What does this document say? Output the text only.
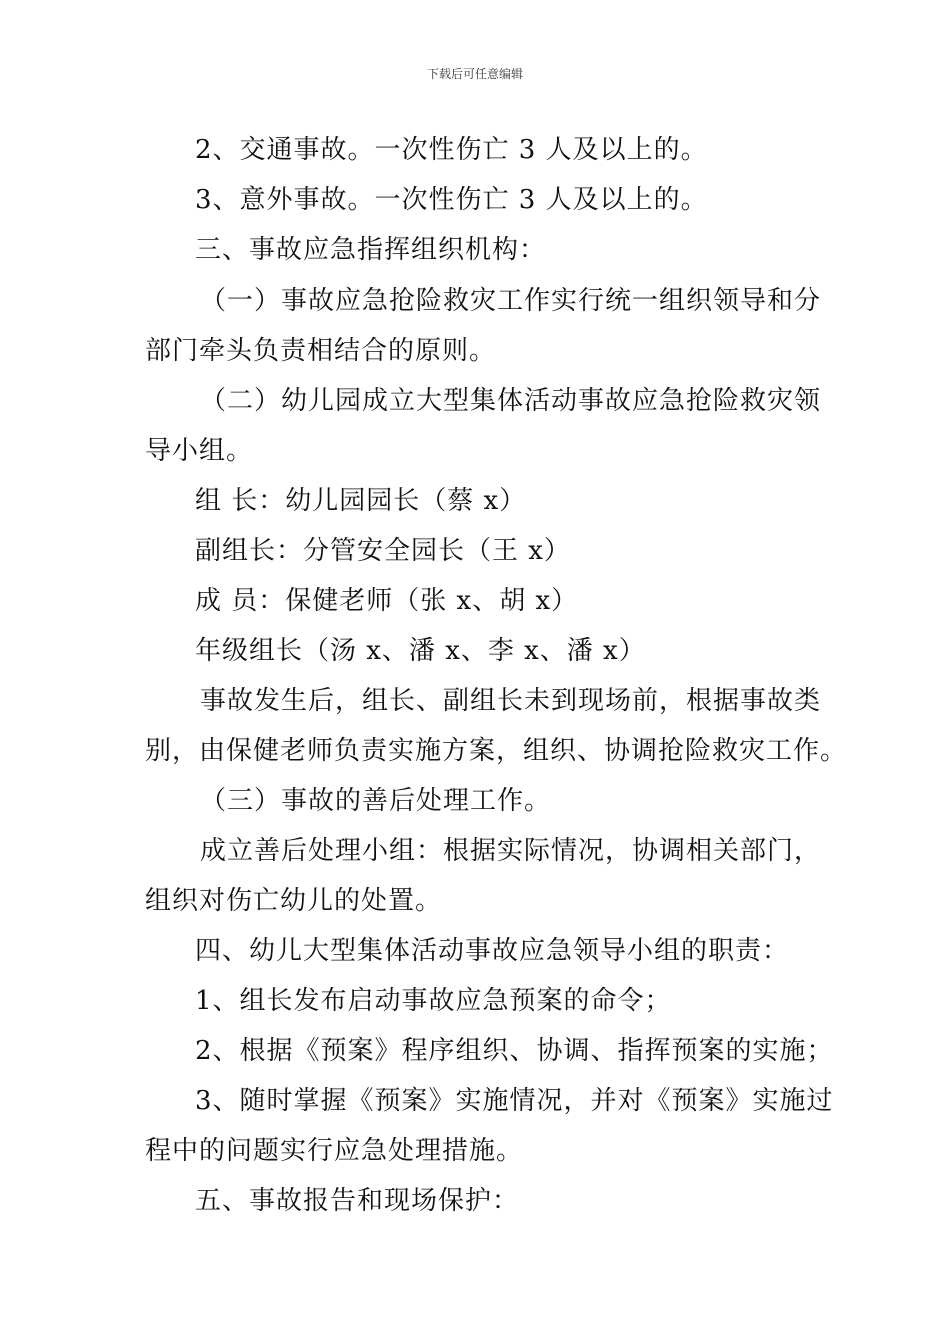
下载后可任意编辑
2、交通事故。一次性伤亡 3 人及以上的。
3、意外事故。一次性伤亡 3 人及以上的。
三、事故应急指挥组织机构：
（一）事故应急抢险救灾工作实行统一组织领导和分
部门牵头负责相结合的原则。
（二）幼儿园成立大型集体活动事故应急抢险救灾领
导小组。
组 长：幼儿园园长（蔡 x）
副组长：分管安全园长（王 x）
成 员：保健老师（张 x、胡 x）
年级组长（汤 x、潘 x、李 x、潘 x）
事故发生后，组长、副组长未到现场前，根据事故类
别，由保健老师负责实施方案，组织、协调抢险救灾工作。
（三）事故的善后处理工作。
成立善后处理小组：根据实际情况，协调相关部门，
组织对伤亡幼儿的处置。
四、幼儿大型集体活动事故应急领导小组的职责：
1、组长发布启动事故应急预案的命令；
2、根据《预案》程序组织、协调、指挥预案的实施；
3、随时掌握《预案》实施情况，并对《预案》实施过
程中的问题实行应急处理措施。
五、事故报告和现场保护：
